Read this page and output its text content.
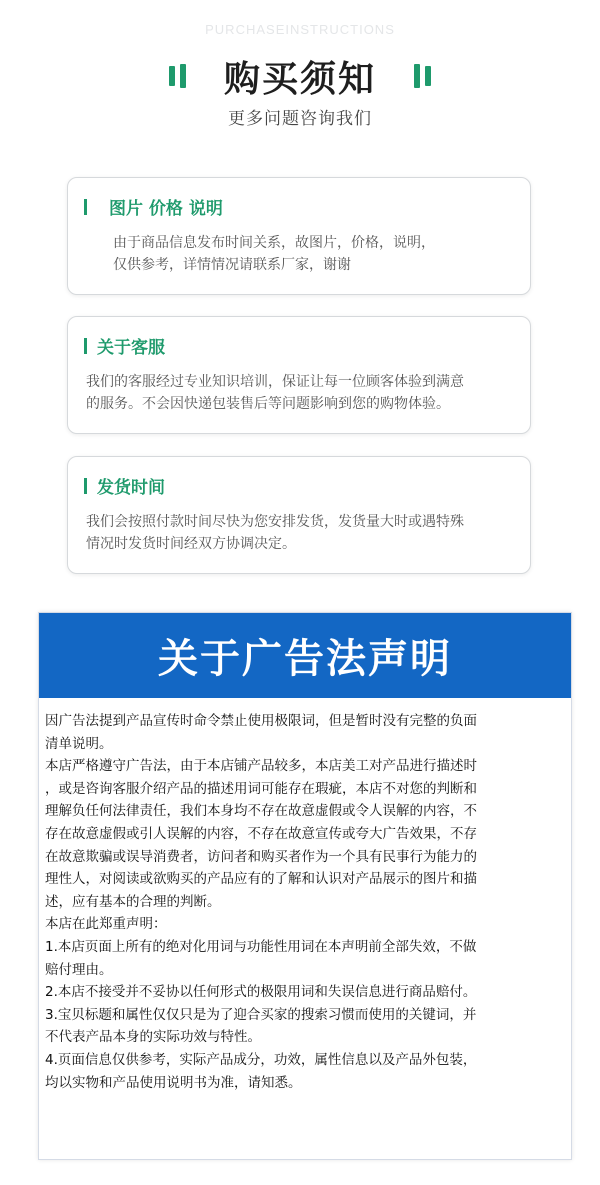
PURCHASEINSTRUCTIONS
购买须知
更多问题咨询我们
图片 价格 说明

由于商品信息发布时间关系，故图片，价格，说明，

仅供参考，详情情况请联系厂家，谢谢

关于客服

我们的客服经过专业知识培训，保证让每一位顾客体验到满意

的服务。不会因快递包装售后等问题影响到您的购物体验。

发货时间

我们会按照付款时间尽快为您安排发货，发货量大时或遇特殊

情况时发货时间经双方协调决定。

关于广告法声明

因广告法提到产品宣传时命令禁止使用极限词，但是暂时没有完整的负面

清单说明。

本店严格遵守广告法，由于本店铺产品较多，本店美工对产品进行描述时

，或是咨询客服介绍产品的描述用词可能存在瑕疵，本店不对您的判断和

理解负任何法律责任，我们本身均不存在故意虚假或令人误解的内容，不

存在故意虚假或引人误解的内容，不存在故意宣传或夸大广告效果，不存

在故意欺骗或误导消费者，访问者和购买者作为一个具有民事行为能力的

理性人，对阅读或欲购买的产品应有的了解和认识对产品展示的图片和描

述，应有基本的合理的判断。

本店在此郑重声明：

1.本店页面上所有的绝对化用词与功能性用词在本声明前全部失效，不做

赔付理由。

2.本店不接受并不妥协以任何形式的极限用词和失误信息进行商品赔付。

3.宝贝标题和属性仅仅只是为了迎合买家的搜索习惯而使用的关键词，并

不代表产品本身的实际功效与特性。

4.页面信息仅供参考，实际产品成分，功效，属性信息以及产品外包装，

均以实物和产品使用说明书为准，请知悉。
